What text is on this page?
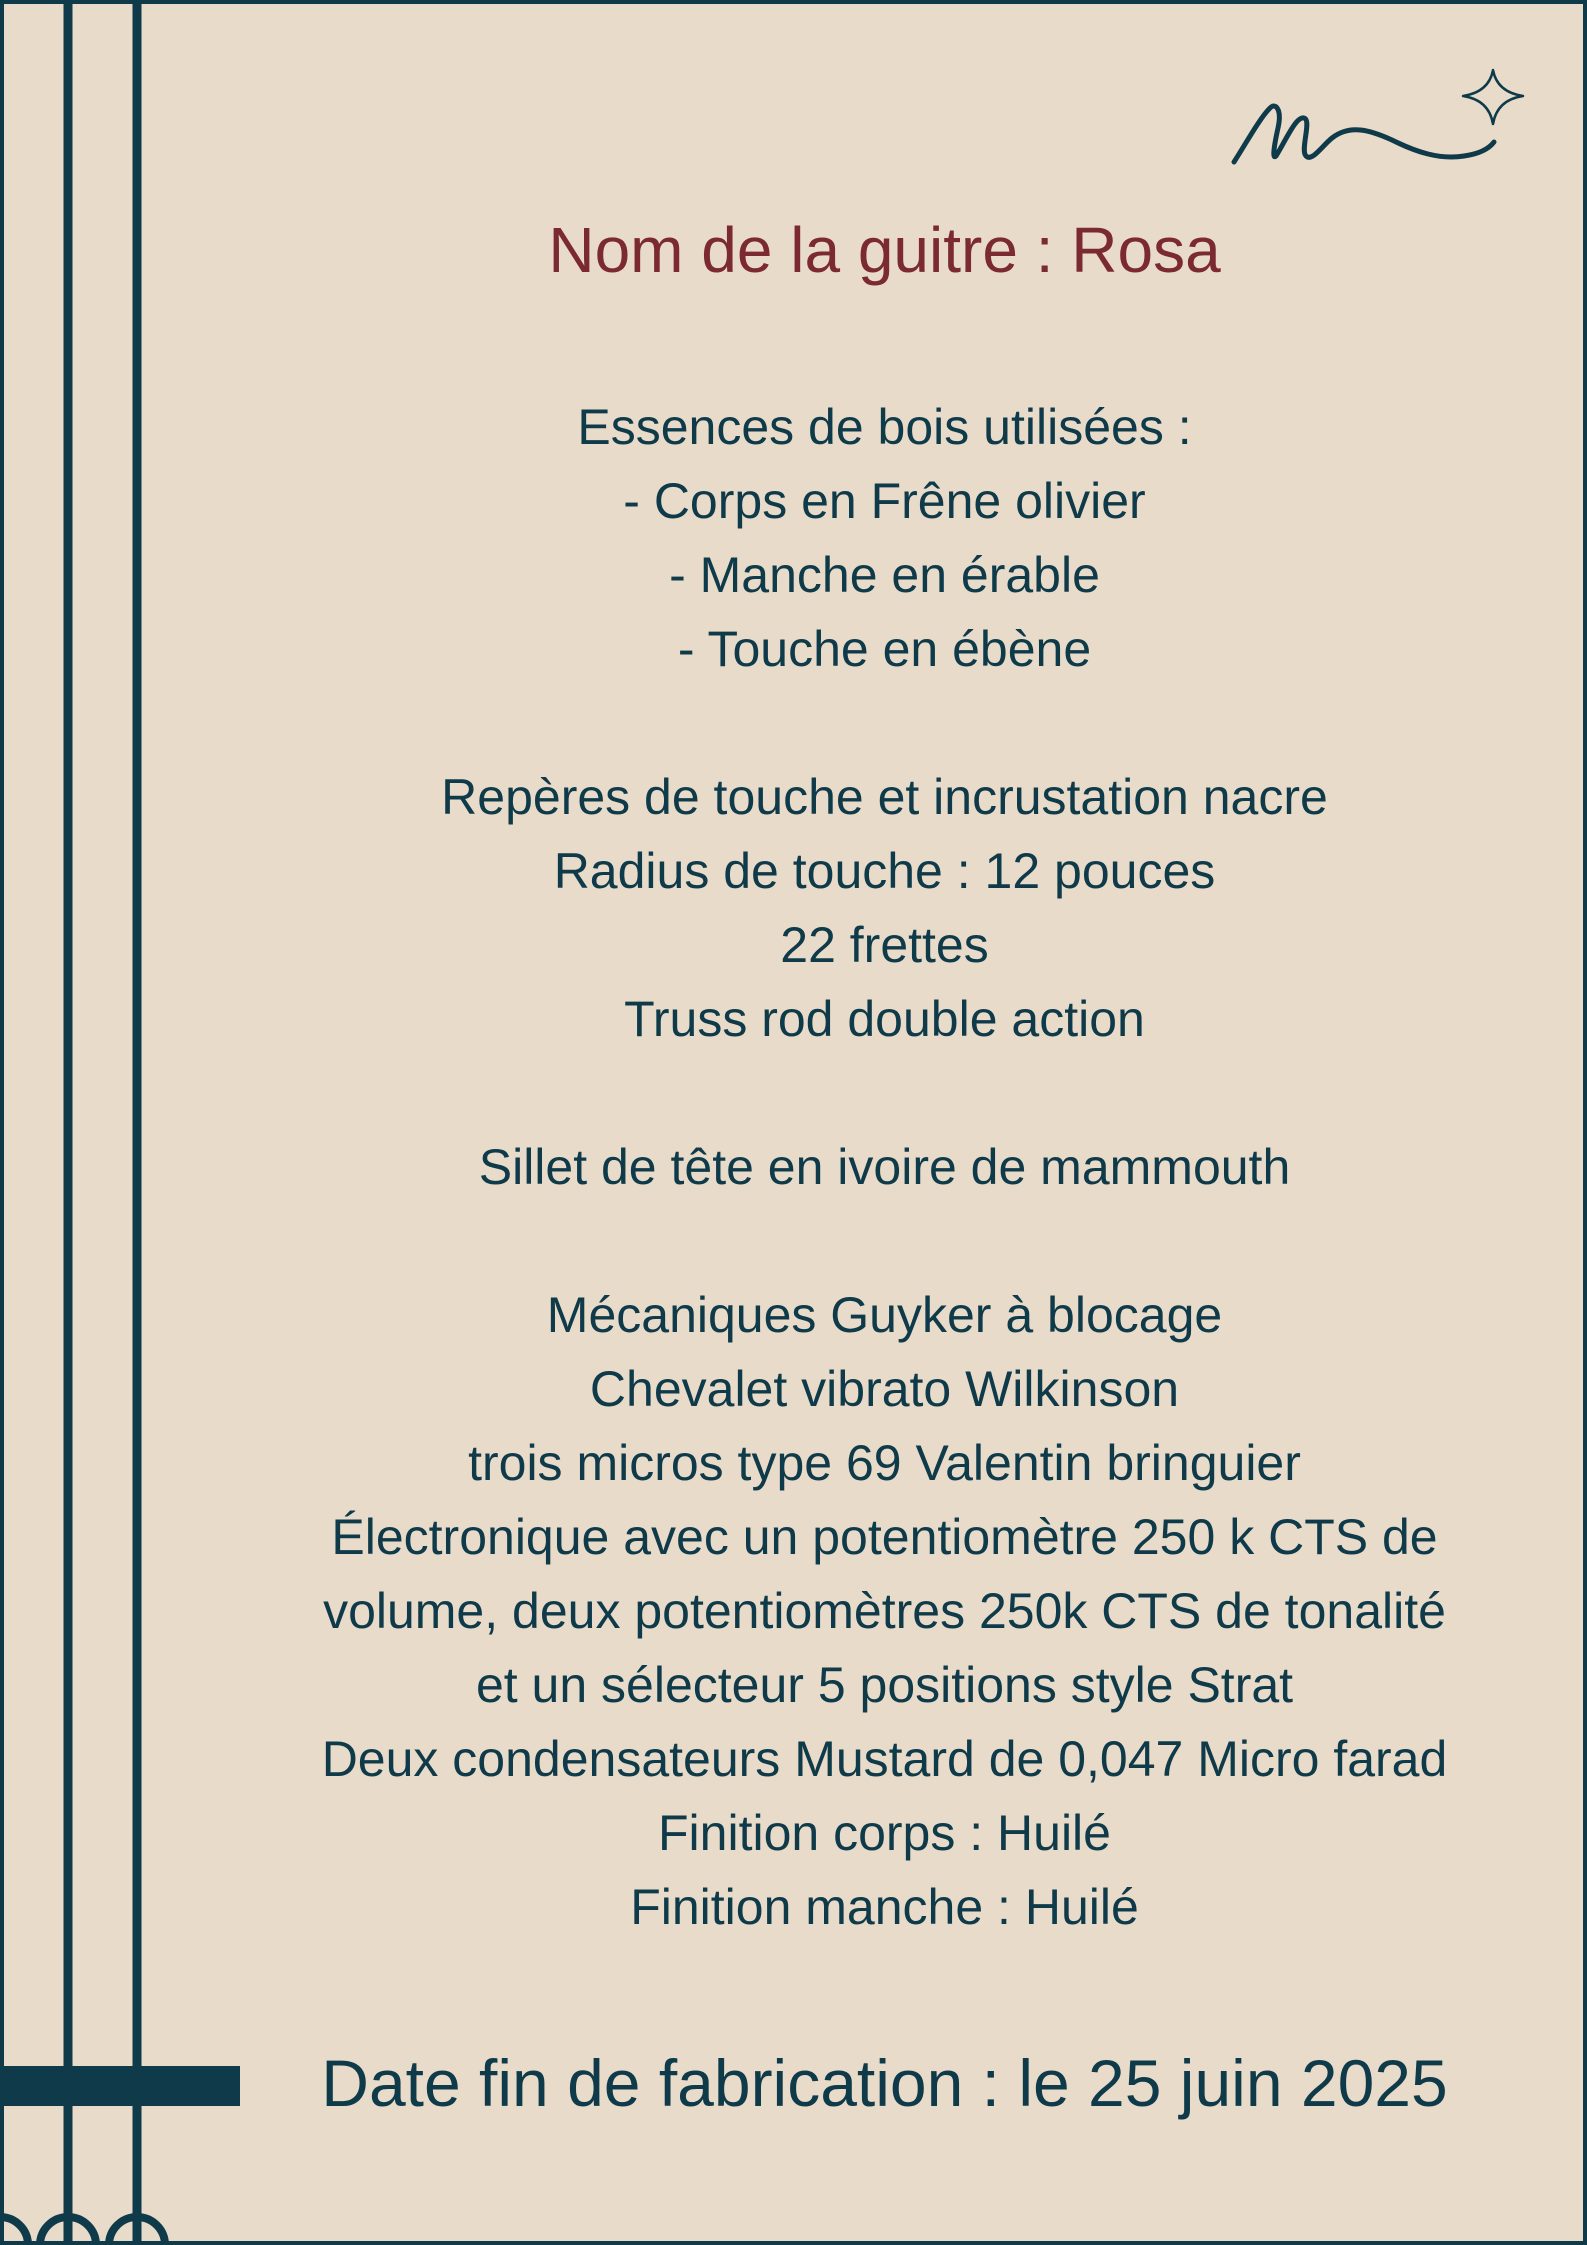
Nom de la guitre : Rosa
Essences de bois utilisées :
- Corps en Frêne olivier
- Manche en érable
- Touche en ébène
Repères de touche et incrustation nacre
Radius de touche : 12 pouces
22 frettes
Truss rod double action
Sillet de tête en ivoire de mammouth
Mécaniques Guyker à blocage
Chevalet vibrato Wilkinson
trois micros type 69 Valentin bringuier
Électronique avec un potentiomètre 250 k CTS de
volume, deux potentiomètres 250k CTS de tonalité
et un sélecteur 5 positions style Strat
Deux condensateurs Mustard de 0,047 Micro farad
Finition corps : Huilé
Finition manche : Huilé

Date fin de fabrication : le 25 juin 2025
